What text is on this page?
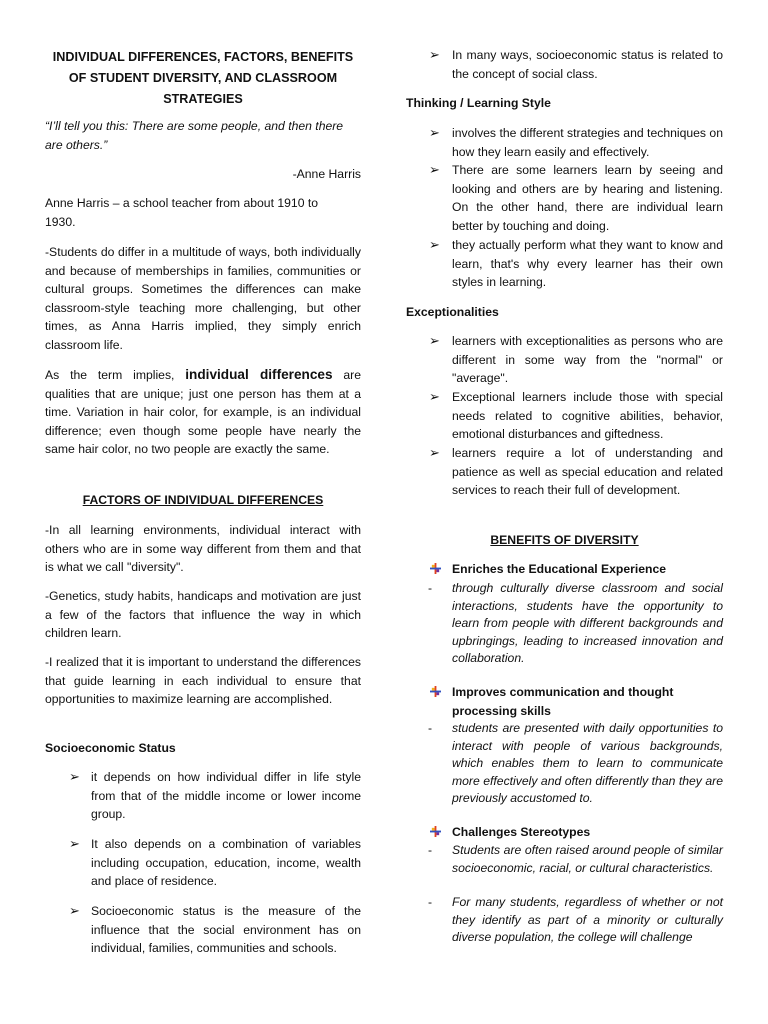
INDIVIDUAL DIFFERENCES, FACTORS, BENEFITS OF STUDENT DIVERSITY, AND CLASSROOM STRATEGIES

“I’ll tell you this: There are some people, and then there are others.”

-Anne Harris

Anne Harris – a school teacher from about 1910 to 1930.

-Students do differ in a multitude of ways, both individually and because of memberships in families, communities or cultural groups. Sometimes the differences can make classroom-style teaching more challenging, but other times, as Anna Harris implied, they simply enrich classroom life.

As the term implies, individual differences are qualities that are unique; just one person has them at a time. Variation in hair color, for example, is an individual difference; even though some people have nearly the same hair color, no two people are exactly the same.

FACTORS OF INDIVIDUAL DIFFERENCES

-In all learning environments, individual interact with others who are in some way different from them and that is what we call "diversity".

-Genetics, study habits, handicaps and motivation are just a few of the factors that influence the way in which children learn.

-I realized that it is important to understand the differences that guide learning in each individual to ensure that opportunities to maximize learning are accomplished.

Socioeconomic Status

➢ it depends on how individual differ in life style from that of the middle income or lower income group.

➢ It also depends on a combination of variables including occupation, education, income, wealth and place of residence.

➢ Socioeconomic status is the measure of the influence that the social environment has on individual, families, communities and schools.

➢ In many ways, socioeconomic status is related to the concept of social class.

Thinking / Learning Style

➢ involves the different strategies and techniques on how they learn easily and effectively.

➢ There are some learners learn by seeing and looking and others are by hearing and listening. On the other hand, there are individual learn better by touching and doing.

➢ they actually perform what they want to know and learn, that's why every learner has their own styles in learning.

Exceptionalities

➢ learners with exceptionalities as persons who are different in some way from the "normal" or "average".

➢ Exceptional learners include those with special needs related to cognitive abilities, behavior, emotional disturbances and giftedness.

➢ learners require a lot of understanding and patience as well as special education and related services to reach their full of development.

BENEFITS OF DIVERSITY

Enriches the Educational Experience

- through culturally diverse classroom and social interactions, students have the opportunity to learn from people with different backgrounds and upbringings, leading to increased innovation and collaboration.

Improves communication and thought processing skills

- students are presented with daily opportunities to interact with people of various backgrounds, which enables them to learn to communicate more effectively and often differently than they are previously accustomed to.

Challenges Stereotypes

- Students are often raised around people of similar socioeconomic, racial, or cultural characteristics.

- For many students, regardless of whether or not they identify as part of a minority or culturally diverse population, the college will challenge
